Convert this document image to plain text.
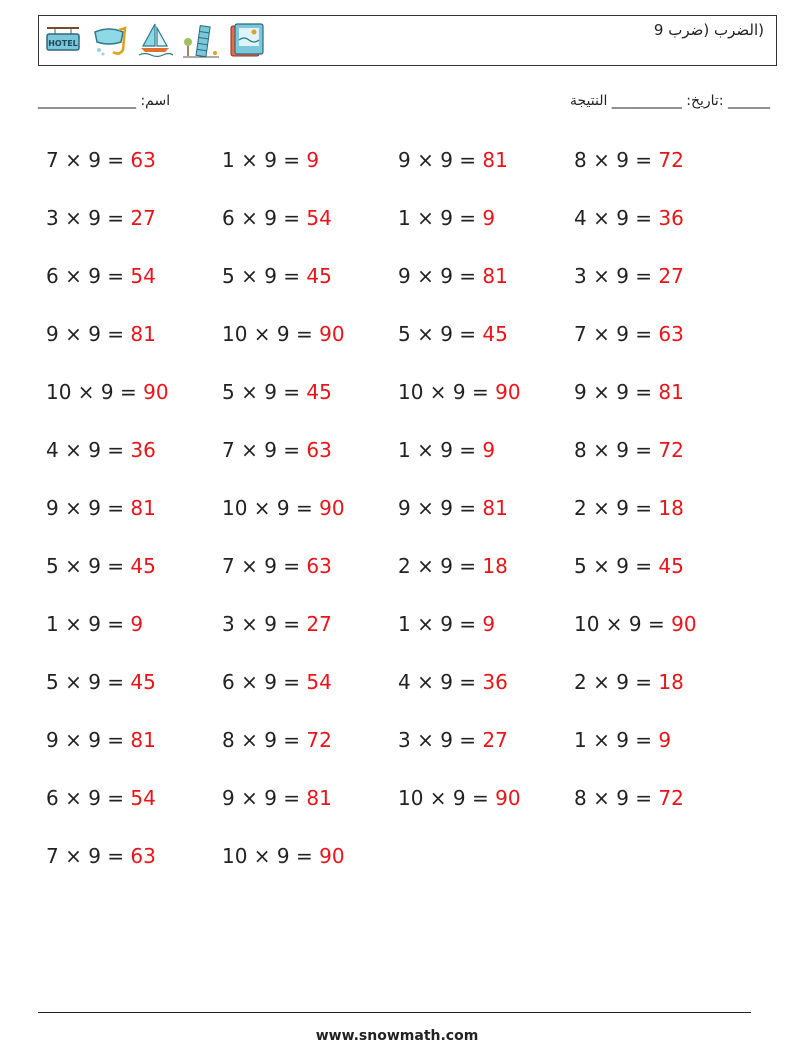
HOTEL
(الضرب (ضرب 9
اسم: ______________	______ :تاريخ: __________ النتيجة
7 × 9 = 63	1 × 9 = 9	9 × 9 = 81	8 × 9 = 72
3 × 9 = 27	6 × 9 = 54	1 × 9 = 9	4 × 9 = 36
6 × 9 = 54	5 × 9 = 45	9 × 9 = 81	3 × 9 = 27
9 × 9 = 81	10 × 9 = 90	5 × 9 = 45	7 × 9 = 63
10 × 9 = 90	5 × 9 = 45	10 × 9 = 90	9 × 9 = 81
4 × 9 = 36	7 × 9 = 63	1 × 9 = 9	8 × 9 = 72
9 × 9 = 81	10 × 9 = 90	9 × 9 = 81	2 × 9 = 18
5 × 9 = 45	7 × 9 = 63	2 × 9 = 18	5 × 9 = 45
1 × 9 = 9	3 × 9 = 27	1 × 9 = 9	10 × 9 = 90
5 × 9 = 45	6 × 9 = 54	4 × 9 = 36	2 × 9 = 18
9 × 9 = 81	8 × 9 = 72	3 × 9 = 27	1 × 9 = 9
6 × 9 = 54	9 × 9 = 81	10 × 9 = 90	8 × 9 = 72
7 × 9 = 63	10 × 9 = 90
www.snowmath.com
